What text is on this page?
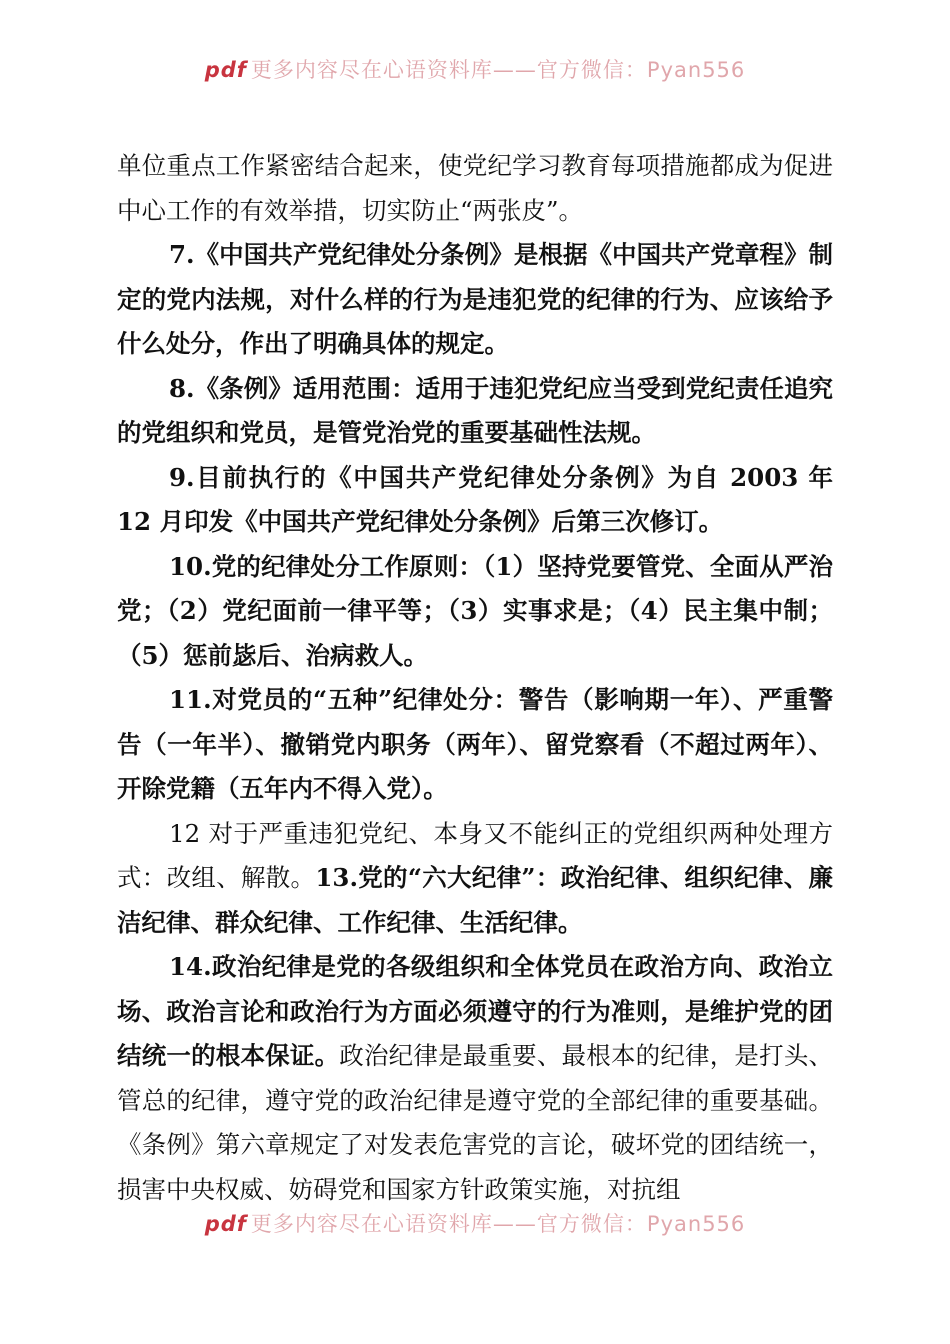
pdf 更多内容尽在心语资料库——官方微信：Pyan556

单位重点工作紧密结合起来，使党纪学习教育每项措施都成为促进中心工作的有效举措，切实防止“两张皮”。

7.《中国共产党纪律处分条例》是根据《中国共产党章程》制定的党内法规，对什么样的行为是违犯党的纪律的行为、应该给予什么处分，作出了明确具体的规定。

8.《条例》适用范围：适用于违犯党纪应当受到党纪责任追究的党组织和党员，是管党治党的重要基础性法规。

9.目前执行的《中国共产党纪律处分条例》为自 2003 年 12 月印发《中国共产党纪律处分条例》后第三次修订。

10.党的纪律处分工作原则：（1）坚持党要管党、全面从严治党；（2）党纪面前一律平等；（3）实事求是；（4）民主集中制；（5）惩前毖后、治病救人。

11.对党员的“五种”纪律处分：警告（影响期一年）、严重警告（一年半）、撤销党内职务（两年）、留党察看（不超过两年）、开除党籍（五年内不得入党）。

12 对于严重违犯党纪、本身又不能纠正的党组织两种处理方式：改组、解散。13.党的“六大纪律”：政治纪律、组织纪律、廉洁纪律、群众纪律、工作纪律、生活纪律。

14.政治纪律是党的各级组织和全体党员在政治方向、政治立场、政治言论和政治行为方面必须遵守的行为准则，是维护党的团结统一的根本保证。政治纪律是最重要、最根本的纪律，是打头、管总的纪律，遵守党的政治纪律是遵守党的全部纪律的重要基础。《条例》第六章规定了对发表危害党的言论，破坏党的团结统一，损害中央权威、妨碍党和国家方针政策实施，对抗组

pdf 更多内容尽在心语资料库——官方微信：Pyan556
